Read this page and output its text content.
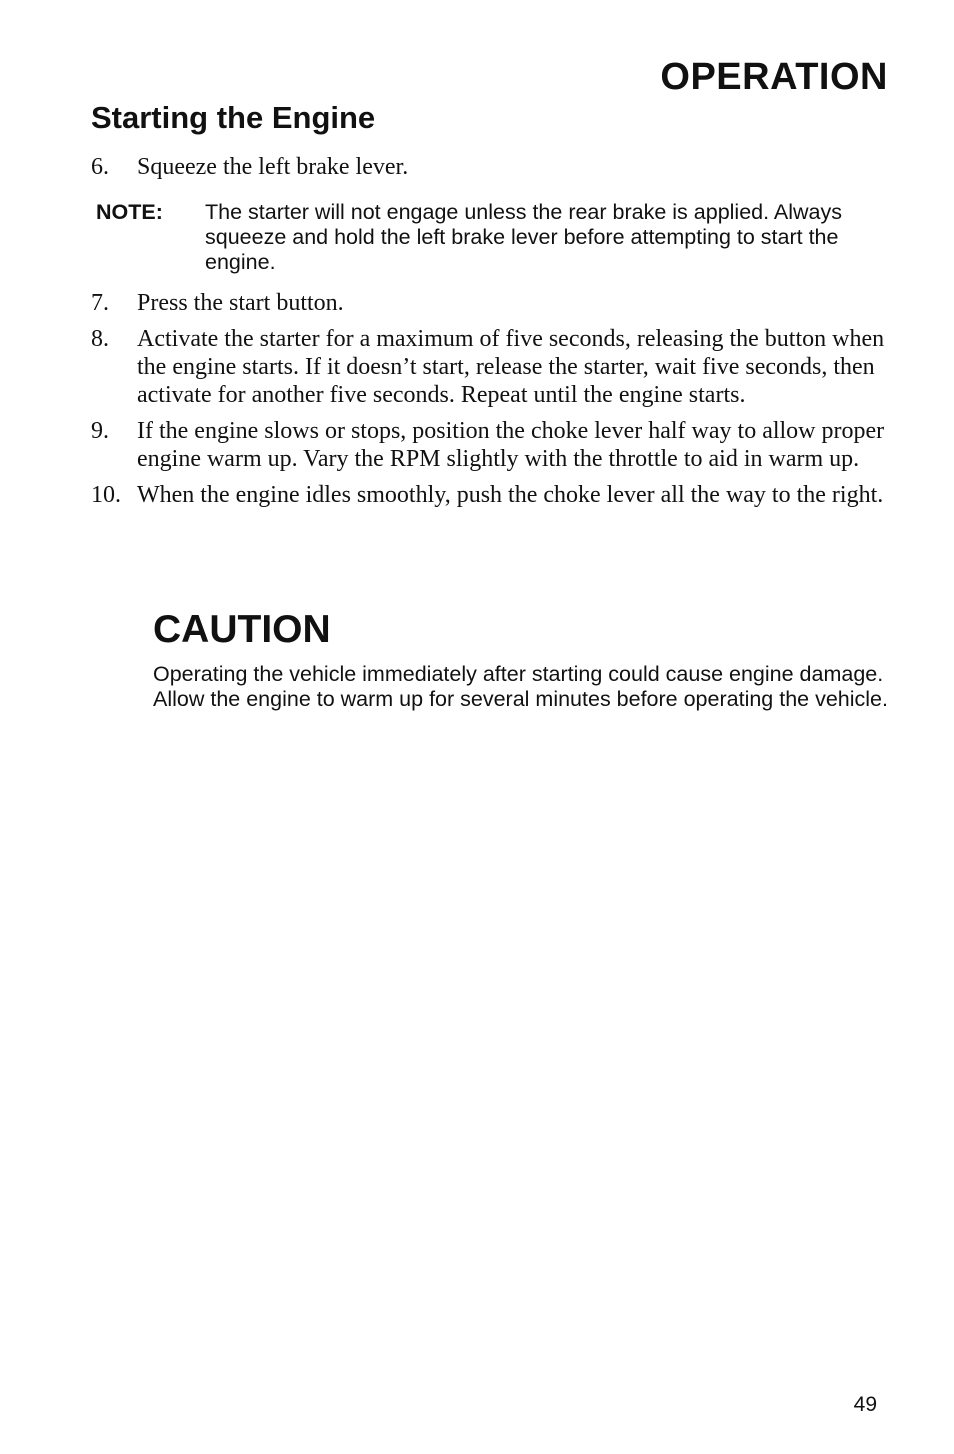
OPERATION
Starting the Engine
6.	Squeeze the left brake lever.
NOTE:	The starter will not engage unless the rear brake is applied. Always squeeze and hold the left brake lever before attempting to start the engine.
7.	Press the start button.
8.	Activate the starter for a maximum of five seconds, releasing the button when the engine starts. If it doesn’t start, release the starter, wait five seconds, then activate for another five seconds. Repeat until the engine starts.
9.	If the engine slows or stops, position the choke lever half way to allow proper engine warm up. Vary the RPM slightly with the throttle to aid in warm up.
10. When the engine idles smoothly, push the choke lever all the way to the right.
CAUTION

Operating the vehicle immediately after starting could cause engine damage. Allow the engine to warm up for several minutes before operating the vehicle.

49
